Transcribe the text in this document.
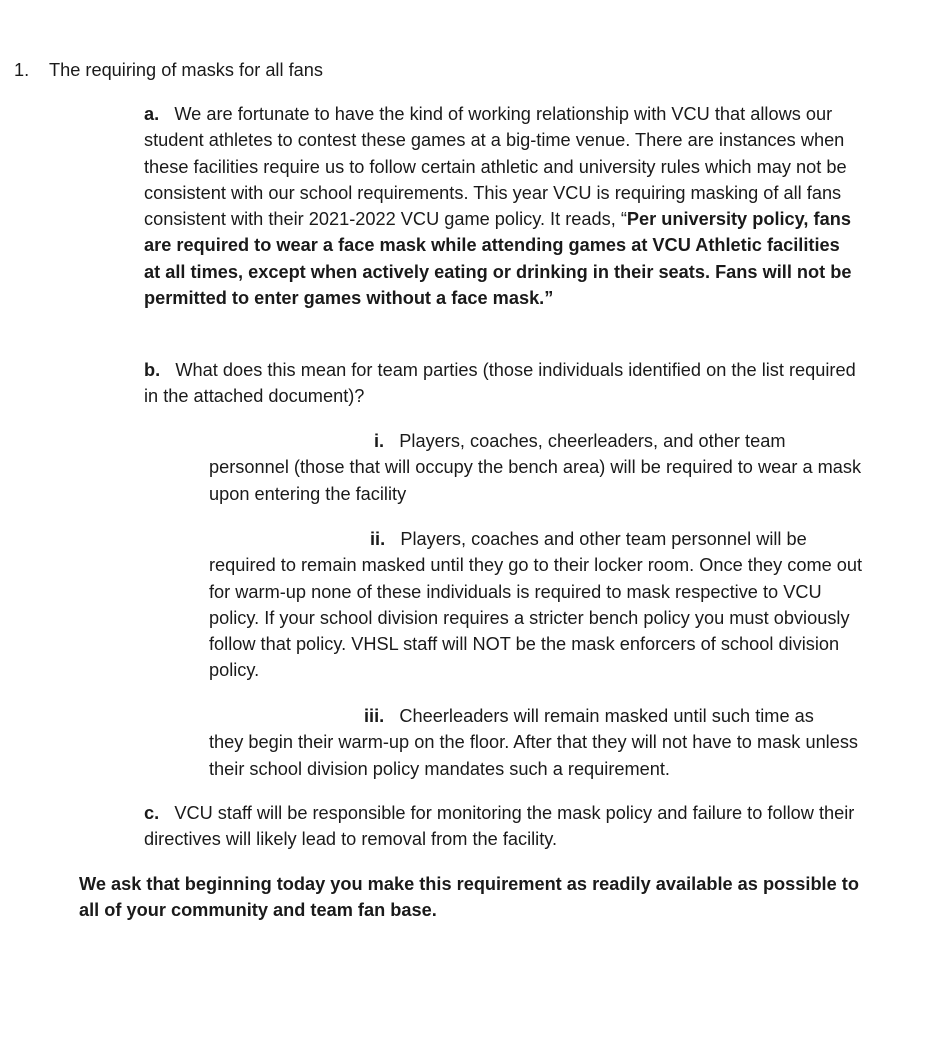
1. The requiring of masks for all fans

a. We are fortunate to have the kind of working relationship with VCU that allows our student athletes to contest these games at a big-time venue. There are instances when these facilities require us to follow certain athletic and university rules which may not be consistent with our school requirements. This year VCU is requiring masking of all fans consistent with their 2021-2022 VCU game policy. It reads, “Per university policy, fans are required to wear a face mask while attending games at VCU Athletic facilities at all times, except when actively eating or drinking in their seats. Fans will not be permitted to enter games without a face mask.”

b. What does this mean for team parties (those individuals identified on the list required in the attached document)?

i. Players, coaches, cheerleaders, and other team
personnel (those that will occupy the bench area) will be required to wear a mask upon entering the facility

ii. Players, coaches and other team personnel will be
required to remain masked until they go to their locker room. Once they come out for warm-up none of these individuals is required to mask respective to VCU policy. If your school division requires a stricter bench policy you must obviously follow that policy. VHSL staff will NOT be the mask enforcers of school division policy.

iii. Cheerleaders will remain masked until such time as
they begin their warm-up on the floor. After that they will not have to mask unless their school division policy mandates such a requirement.

c. VCU staff will be responsible for monitoring the mask policy and failure to follow their directives will likely lead to removal from the facility.

We ask that beginning today you make this requirement as readily available as possible to all of your community and team fan base.
